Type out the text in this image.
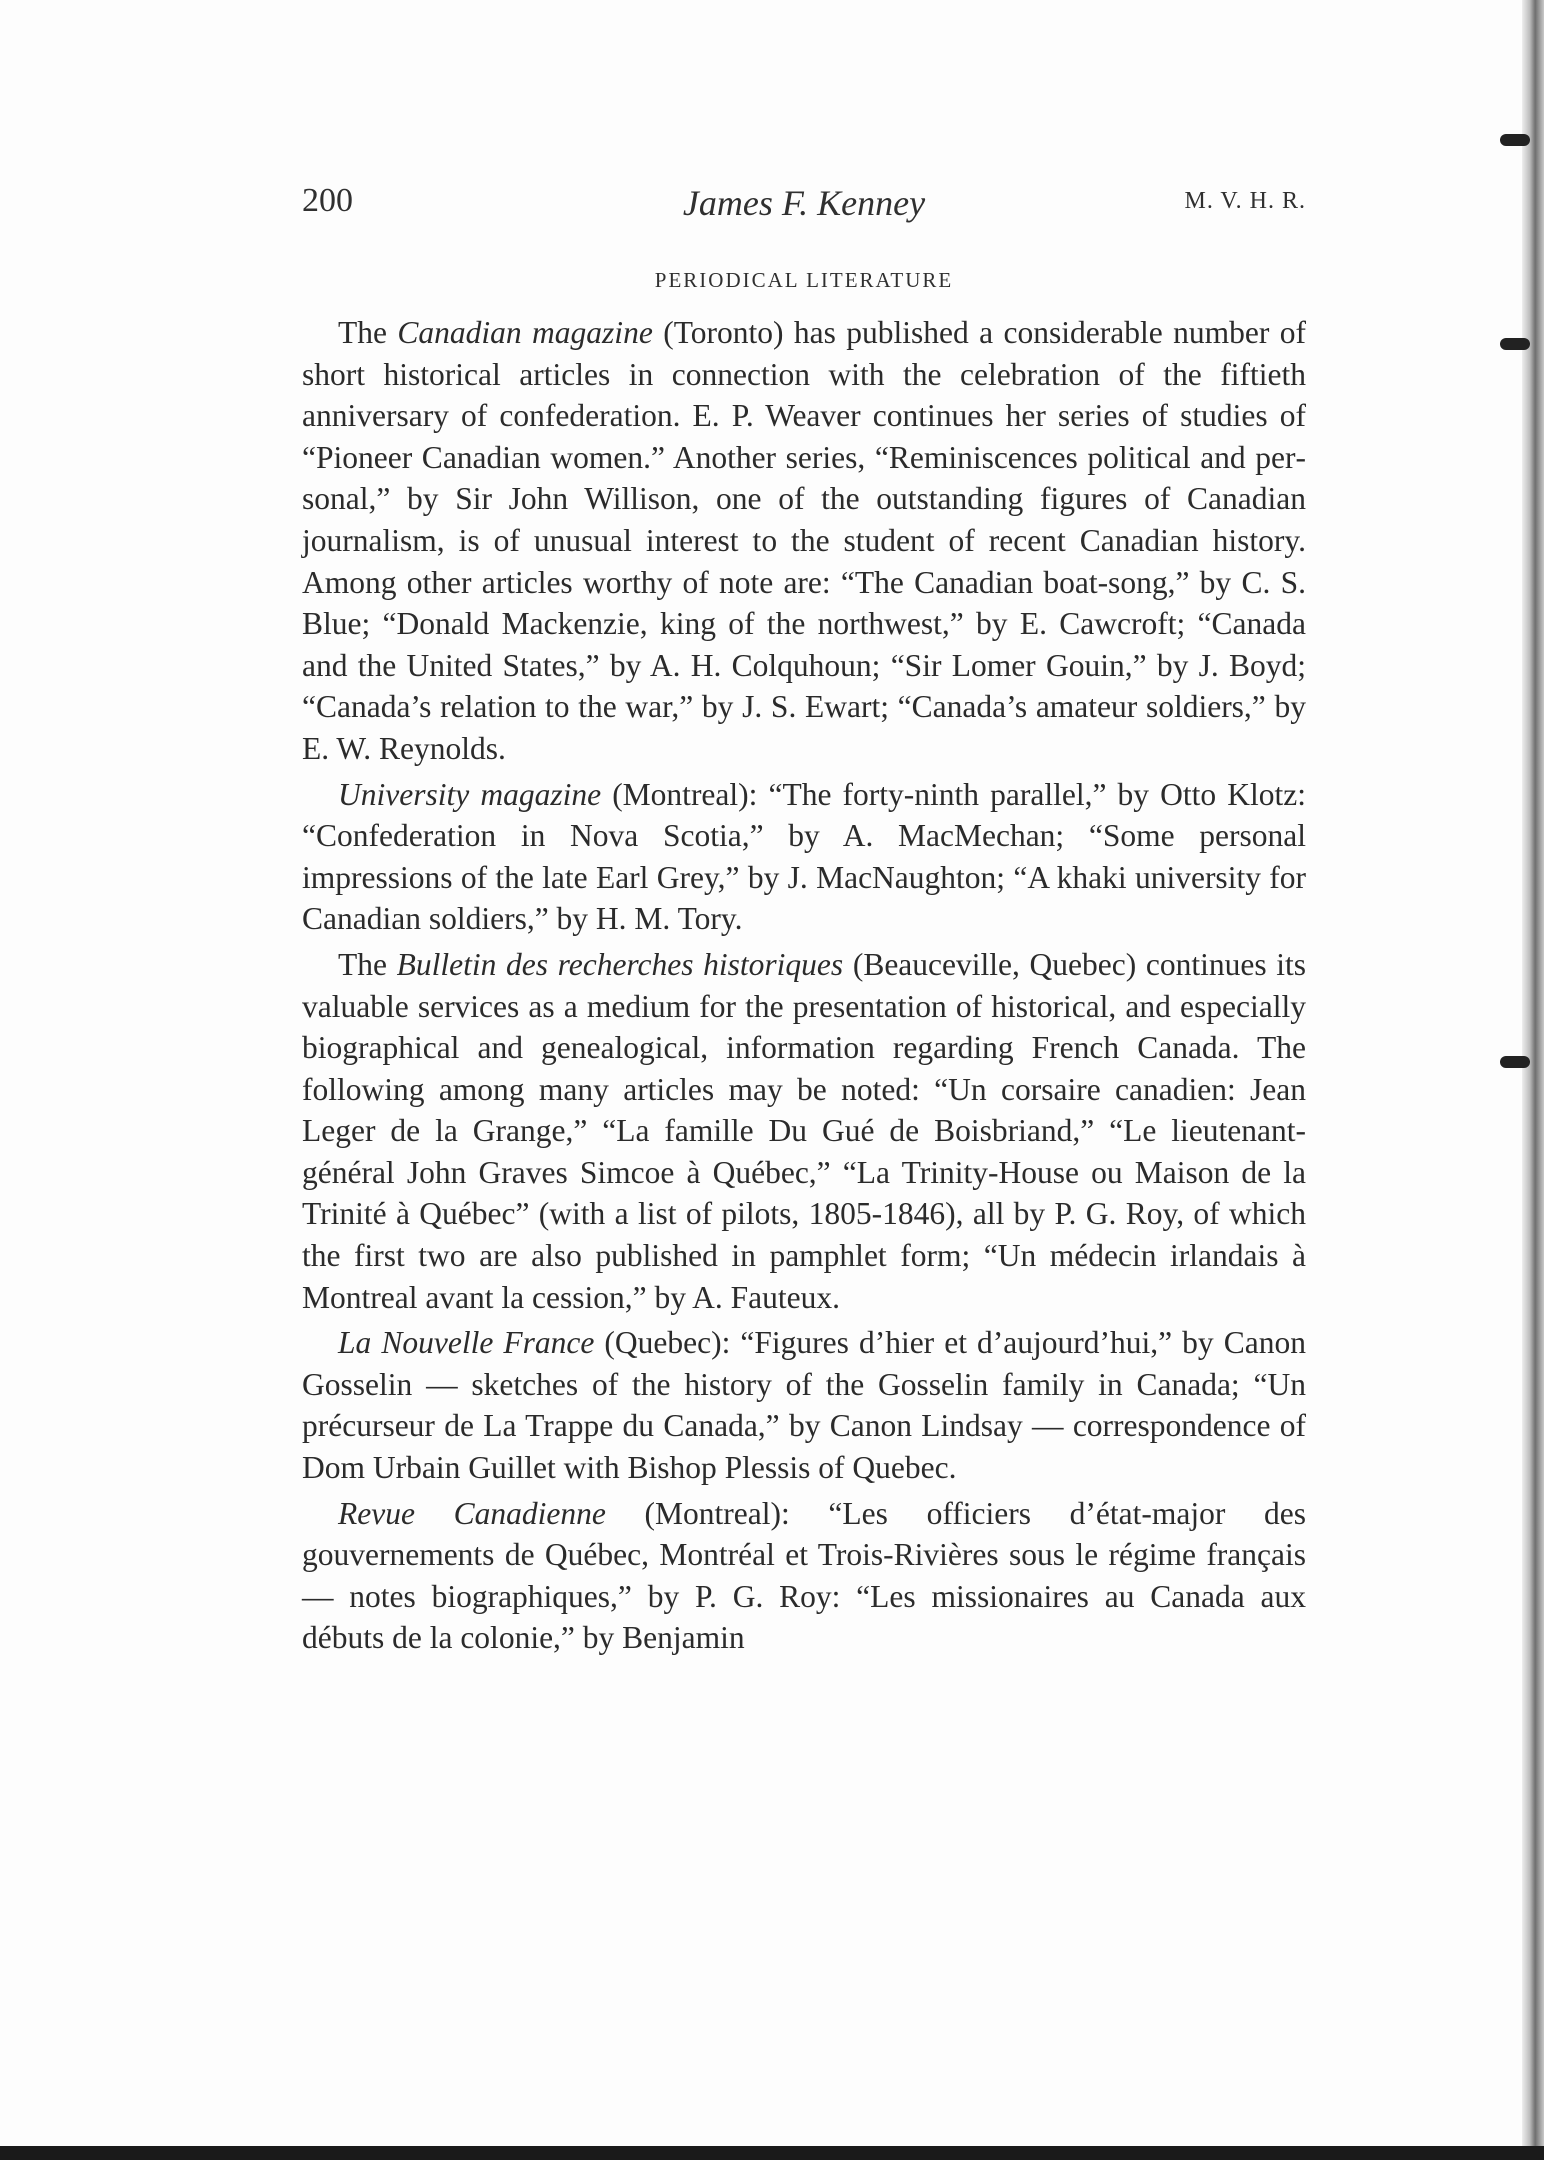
200	James F. Kenney	M. V. H. R.
PERIODICAL LITERATURE

The Canadian magazine (Toronto) has published a considerable number of short historical articles in connection with the celebration of the fiftieth anniversary of confederation. E. P. Weaver continues her series of studies of “Pioneer Canadian women.” Another series, “Reminiscences political and personal,” by Sir John Willison, one of the outstanding figures of Canadian journalism, is of unusual interest to the student of recent Canadian history. Among other articles worthy of note are: “The Canadian boat-song,” by C. S. Blue; “Donald Mackenzie, king of the northwest,” by E. Cawcroft; “Canada and the United States,” by A. H. Colquhoun; “Sir Lomer Gouin,” by J. Boyd; “Canada’s relation to the war,” by J. S. Ewart; “Canada’s amateur soldiers,” by E. W. Reynolds.

University magazine (Montreal): “The forty-ninth parallel,” by Otto Klotz: “Confederation in Nova Scotia,” by A. MacMechan; “Some personal impressions of the late Earl Grey,” by J. MacNaughton; “A khaki university for Canadian soldiers,” by H. M. Tory.

The Bulletin des recherches historiques (Beauceville, Quebec) continues its valuable services as a medium for the presentation of historical, and especially biographical and genealogical, information regarding French Canada. The following among many articles may be noted: “Un corsaire canadien: Jean Leger de la Grange,” “La famille Du Gué de Boisbriand,” “Le lieutenant-général John Graves Simcoe à Québec,” “La Trinity-House ou Maison de la Trinité à Québec” (with a list of pilots, 1805-1846), all by P. G. Roy, of which the first two are also published in pamphlet form; “Un médecin irlandais à Montreal avant la cession,” by A. Fauteux.

La Nouvelle France (Quebec): “Figures d’hier et d’aujourd’hui,” by Canon Gosselin — sketches of the history of the Gosselin family in Canada; “Un précurseur de La Trappe du Canada,” by Canon Lindsay — correspondence of Dom Urbain Guillet with Bishop Plessis of Quebec.

Revue Canadienne (Montreal): “Les officiers d’état-major des gouvernements de Québec, Montréal et Trois-Rivières sous le régime français — notes biographiques,” by P. G. Roy: “Les missionaires au Canada aux débuts de la colonie,” by Benjamin
